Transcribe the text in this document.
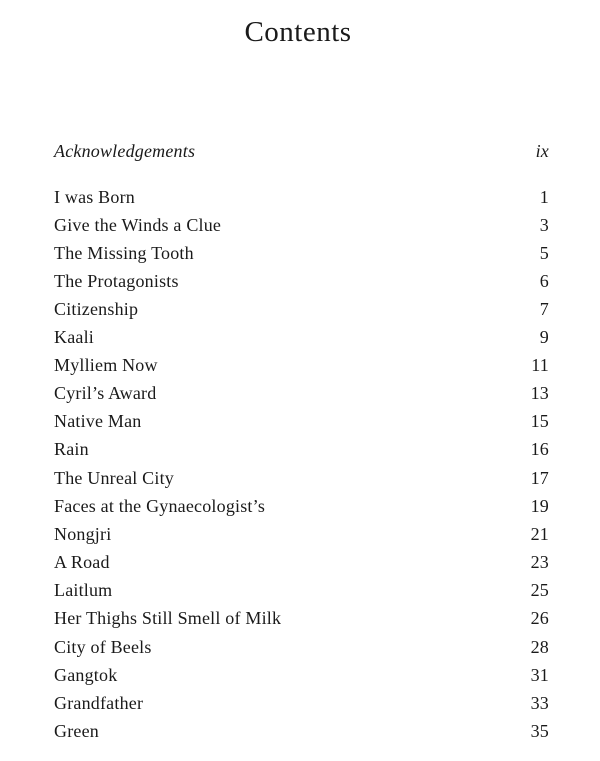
Contents
Acknowledgements	ix
I was Born	1
Give the Winds a Clue	3
The Missing Tooth	5
The Protagonists	6
Citizenship	7
Kaali	9
Mylliem Now	11
Cyril’s Award	13
Native Man	15
Rain	16
The Unreal City	17
Faces at the Gynaecologist’s	19
Nongjri	21
A Road	23
Laitlum	25
Her Thighs Still Smell of Milk	26
City of Beels	28
Gangtok	31
Grandfather	33
Green	35
